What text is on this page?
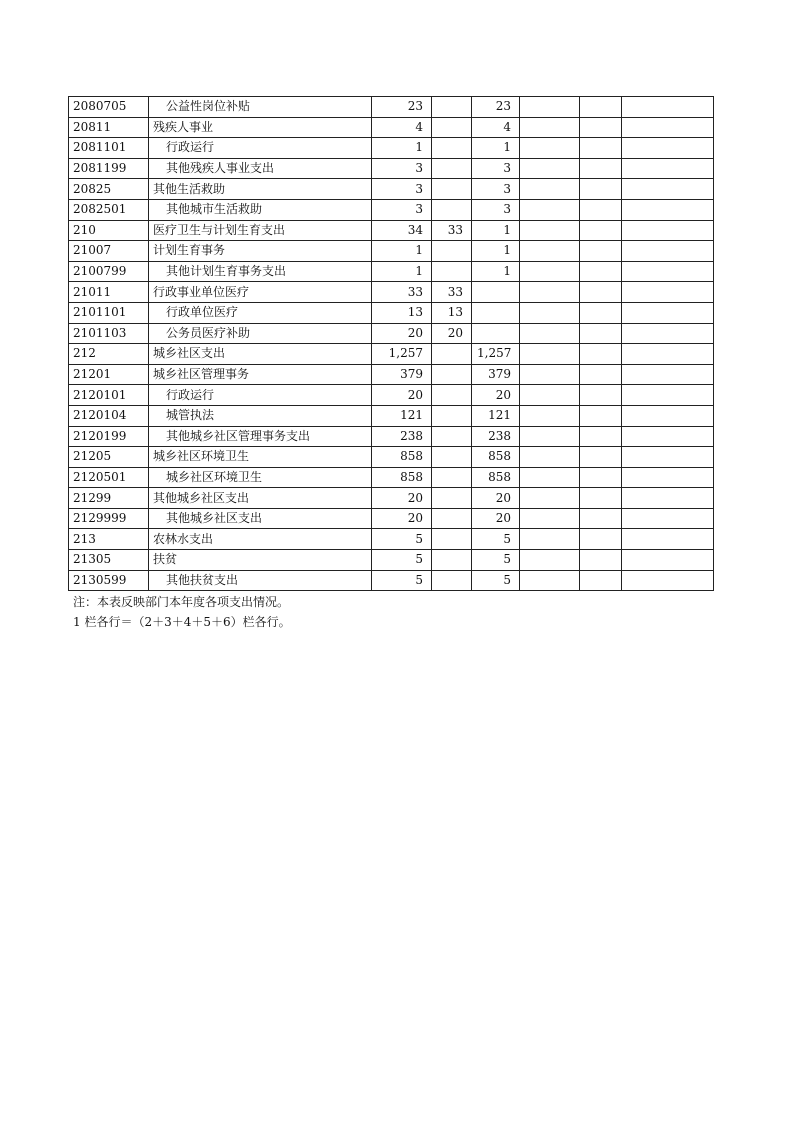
2080705	公益性岗位补贴	23		23			
20811	残疾人事业	4		4			
2081101	行政运行	1		1			
2081199	其他残疾人事业支出	3		3			
20825	其他生活救助	3		3			
2082501	其他城市生活救助	3		3			
210	医疗卫生与计划生育支出	34	33	1			
21007	计划生育事务	1		1			
2100799	其他计划生育事务支出	1		1			
21011	行政事业单位医疗	33	33				
2101101	行政单位医疗	13	13				
2101103	公务员医疗补助	20	20				
212	城乡社区支出	1,257		1,257			
21201	城乡社区管理事务	379		379			
2120101	行政运行	20		20			
2120104	城管执法	121		121			
2120199	其他城乡社区管理事务支出	238		238			
21205	城乡社区环境卫生	858		858			
2120501	城乡社区环境卫生	858		858			
21299	其他城乡社区支出	20		20			
2129999	其他城乡社区支出	20		20			
213	农林水支出	5		5			
21305	扶贫	5		5			
2130599	其他扶贫支出	5		5			
注：本表反映部门本年度各项支出情况。
1 栏各行＝（2＋3＋4＋5＋6）栏各行。
